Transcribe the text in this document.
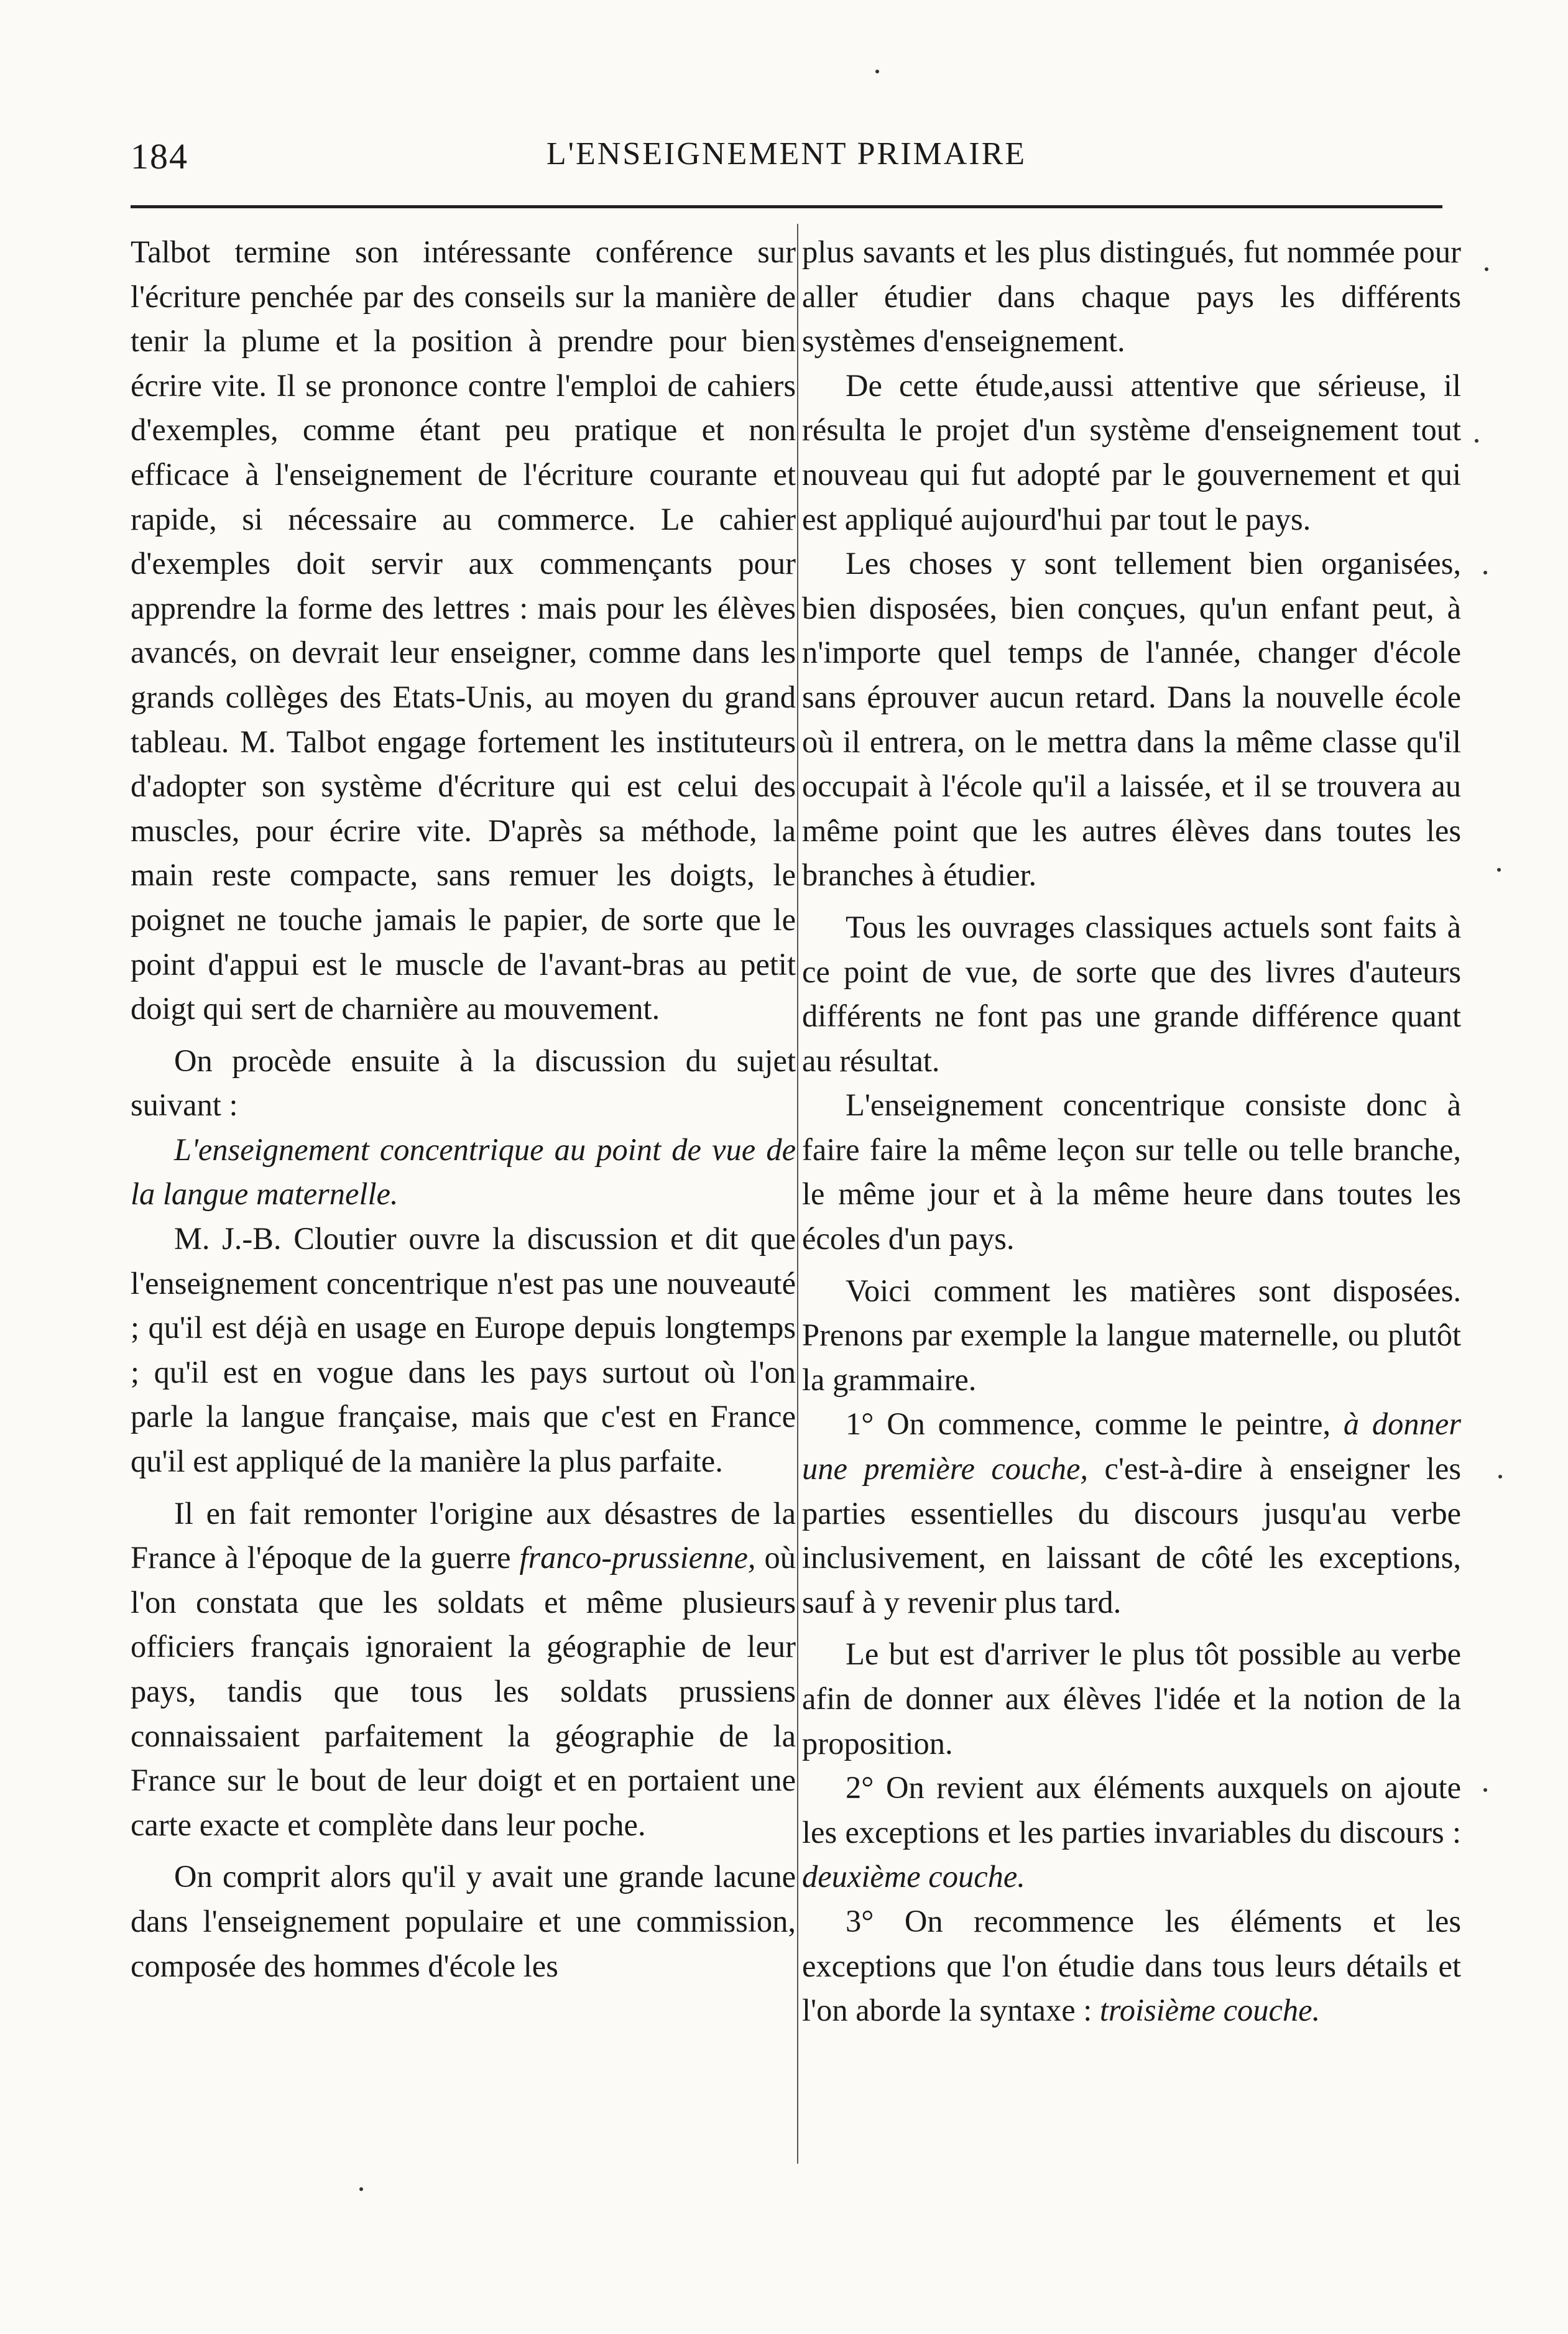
184	L'ENSEIGNEMENT PRIMAIRE

Talbot termine son intéressante conférence sur l'écriture penchée par des conseils sur la manière de tenir la plume et la position à prendre pour bien écrire vite. Il se prononce contre l'emploi de cahiers d'exemples, comme étant peu pratique et non efficace à l'enseignement de l'écriture courante et rapide, si nécessaire au commerce. Le cahier d'exemples doit servir aux commençants pour apprendre la forme des lettres : mais pour les élèves avancés, on devrait leur enseigner, comme dans les grands collèges des Etats-Unis, au moyen du grand tableau. M. Talbot engage fortement les instituteurs d'adopter son système d'écriture qui est celui des muscles, pour écrire vite. D'après sa méthode, la main reste compacte, sans remuer les doigts, le poignet ne touche jamais le papier, de sorte que le point d'appui est le muscle de l'avant-bras au petit doigt qui sert de charnière au mouvement.

On procède ensuite à la discussion du sujet suivant :

L'enseignement concentrique au point de vue de la langue maternelle.

M. J.-B. Cloutier ouvre la discussion et dit que l'enseignement concentrique n'est pas une nouveauté ; qu'il est déjà en usage en Europe depuis longtemps ; qu'il est en vogue dans les pays surtout où l'on parle la langue française, mais que c'est en France qu'il est appliqué de la manière la plus parfaite.

Il en fait remonter l'origine aux désastres de la France à l'époque de la guerre franco-prussienne, où l'on constata que les soldats et même plusieurs officiers français ignoraient la géographie de leur pays, tandis que tous les soldats prussiens connaissaient parfaitement la géographie de la France sur le bout de leur doigt et en portaient une carte exacte et complète dans leur poche.

On comprit alors qu'il y avait une grande lacune dans l'enseignement populaire et une commission, composée des hommes d'école les

plus savants et les plus distingués, fut nommée pour aller étudier dans chaque pays les différents systèmes d'enseignement.

De cette étude,aussi attentive que sérieuse, il résulta le projet d'un système d'enseignement tout nouveau qui fut adopté par le gouvernement et qui est appliqué aujourd'hui par tout le pays.

Les choses y sont tellement bien organisées, bien disposées, bien conçues, qu'un enfant peut, à n'importe quel temps de l'année, changer d'école sans éprouver aucun retard. Dans la nouvelle école où il entrera, on le mettra dans la même classe qu'il occupait à l'école qu'il a laissée, et il se trouvera au même point que les autres élèves dans toutes les branches à étudier.

Tous les ouvrages classiques actuels sont faits à ce point de vue, de sorte que des livres d'auteurs différents ne font pas une grande différence quant au résultat.

L'enseignement concentrique consiste donc à faire faire la même leçon sur telle ou telle branche, le même jour et à la même heure dans toutes les écoles d'un pays.

Voici comment les matières sont disposées. Prenons par exemple la langue maternelle, ou plutôt la grammaire.

1° On commence, comme le peintre, à donner une première couche, c'est-à-dire à enseigner les parties essentielles du discours jusqu'au verbe inclusivement, en laissant de côté les exceptions, sauf à y revenir plus tard.

Le but est d'arriver le plus tôt possible au verbe afin de donner aux élèves l'idée et la notion de la proposition.

2° On revient aux éléments auxquels on ajoute les exceptions et les parties invariables du discours : deuxième couche.

3° On recommence les éléments et les exceptions que l'on étudie dans tous leurs détails et l'on aborde la syntaxe : troisième couche.
